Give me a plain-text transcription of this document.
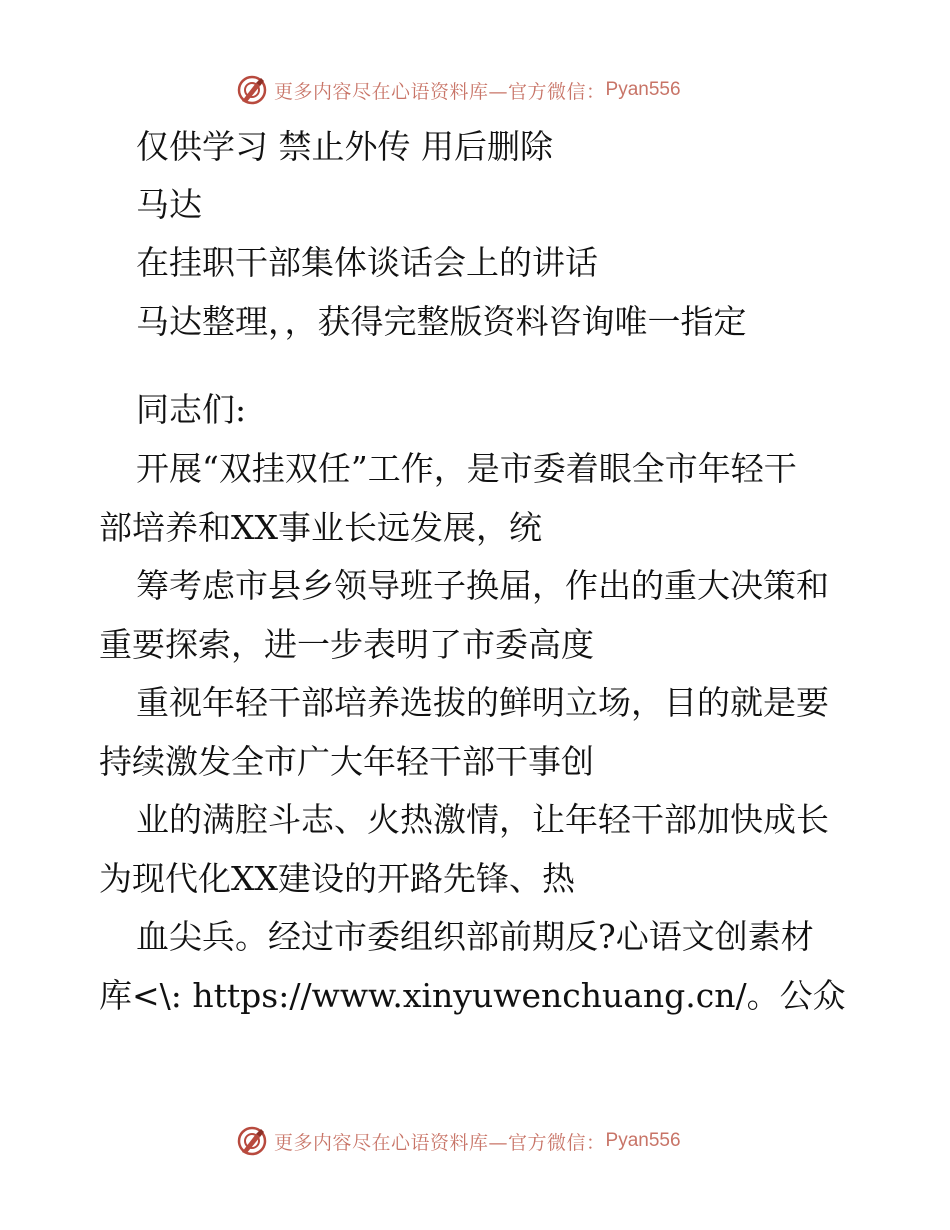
更多内容尽在心语资料库—官方微信： Pyan556
仅供学习 禁止外传 用后删除
马达
在挂职干部集体谈话会上的讲话
马达整理，，获得完整版资料咨询唯一指定
同志们:
开展“双挂双任”工作，是市委着眼全市年轻干
部培养和XX事业长远发展，统
筹考虑市县乡领导班子换届，作出的重大决策和
重要探索，进一步表明了市委高度
重视年轻干部培养选拔的鲜明立场，目的就是要
持续激发全市广大年轻干部干事创
业的满腔斗志、火热激情，让年轻干部加快成长
为现代化XX建设的开路先锋、热
血尖兵。经过市委组织部前期反?心语文创素材
库<\: https://www.xinyuwenchuang.cn/。公众
更多内容尽在心语资料库—官方微信： Pyan556
